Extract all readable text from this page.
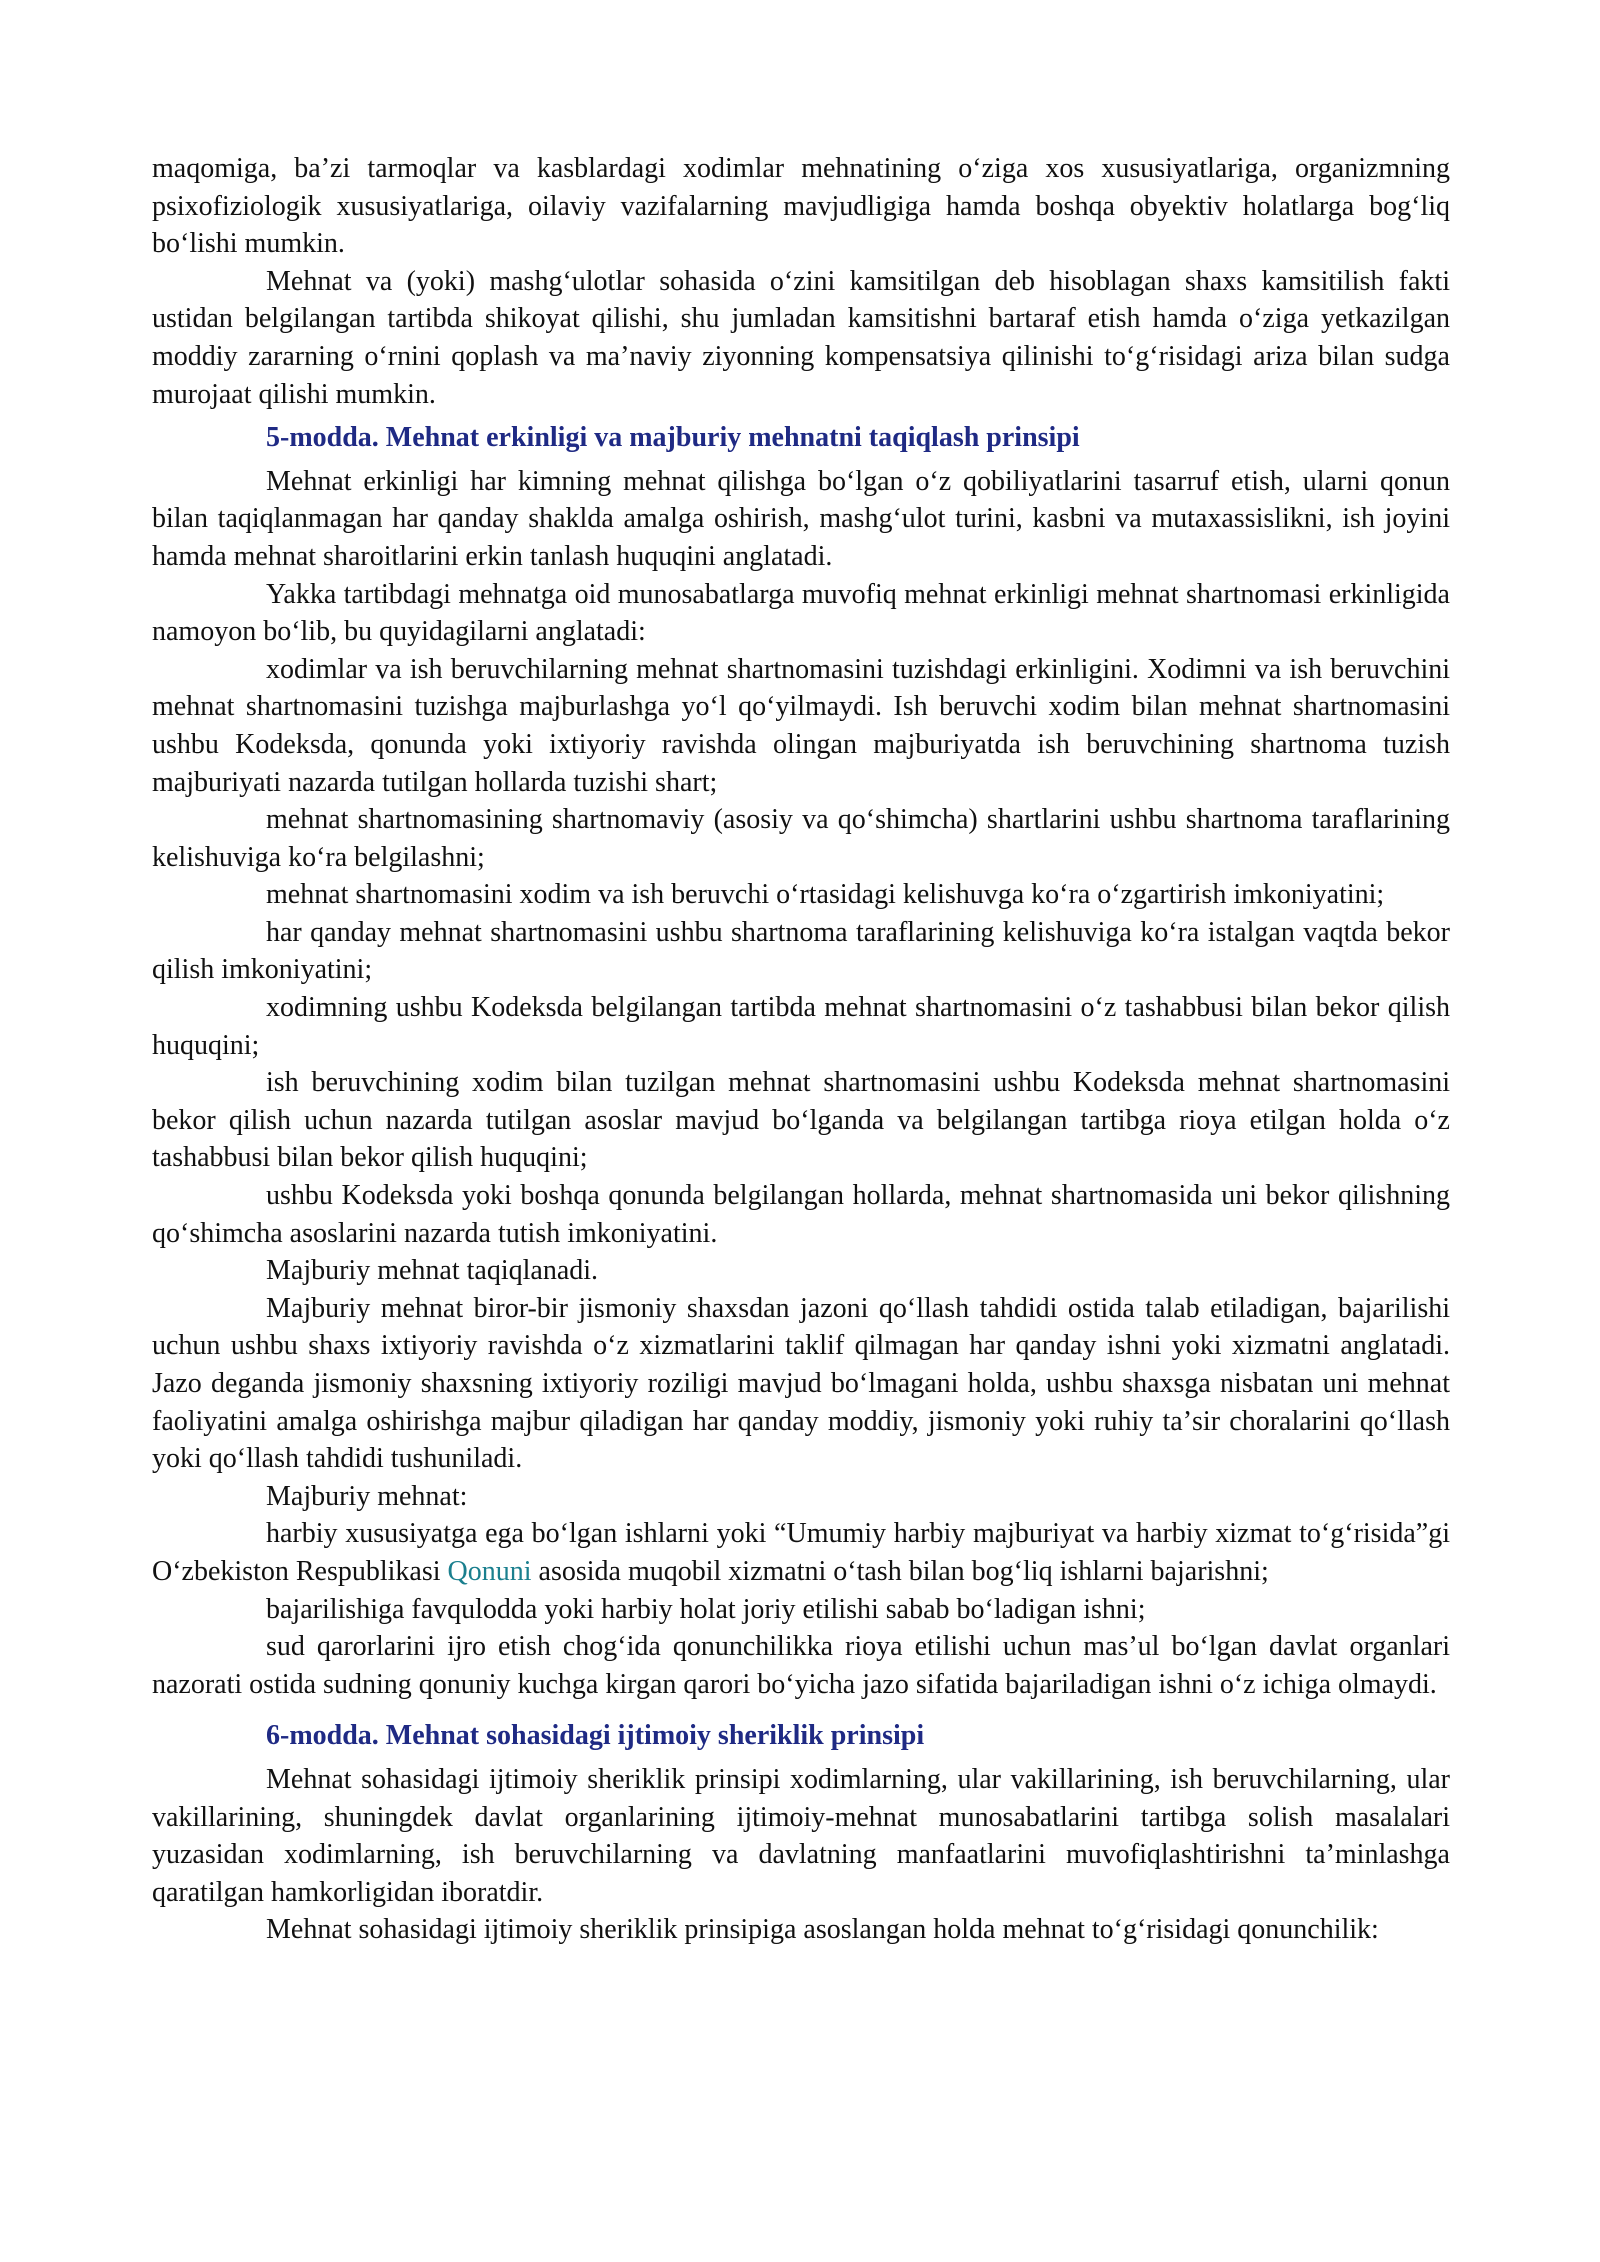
maqomiga, baʼzi tarmoqlar va kasblardagi xodimlar mehnatining oʻziga xos xususiyatlariga, organizmning psixofiziologik xususiyatlariga, oilaviy vazifalarning mavjudligiga hamda boshqa obyektiv holatlarga bogʻliq boʻlishi mumkin.

Mehnat va (yoki) mashgʻulotlar sohasida oʻzini kamsitilgan deb hisoblagan shaxs kamsitilish fakti ustidan belgilangan tartibda shikoyat qilishi, shu jumladan kamsitishni bartaraf etish hamda oʻziga yetkazilgan moddiy zararning oʻrnini qoplash va maʼnaviy ziyonning kompensatsiya qilinishi toʻgʻrisidagi ariza bilan sudga murojaat qilishi mumkin.

5-modda. Mehnat erkinligi va majburiy mehnatni taqiqlash prinsipi

Mehnat erkinligi har kimning mehnat qilishga boʻlgan oʻz qobiliyatlarini tasarruf etish, ularni qonun bilan taqiqlanmagan har qanday shaklda amalga oshirish, mashgʻulot turini, kasbni va mutaxassislikni, ish joyini hamda mehnat sharoitlarini erkin tanlash huquqini anglatadi.

Yakka tartibdagi mehnatga oid munosabatlarga muvofiq mehnat erkinligi mehnat shartnomasi erkinligida namoyon boʻlib, bu quyidagilarni anglatadi:

xodimlar va ish beruvchilarning mehnat shartnomasini tuzishdagi erkinligini. Xodimni va ish beruvchini mehnat shartnomasini tuzishga majburlashga yoʻl qoʻyilmaydi. Ish beruvchi xodim bilan mehnat shartnomasini ushbu Kodeksda, qonunda yoki ixtiyoriy ravishda olingan majburiyatda ish beruvchining shartnoma tuzish majburiyati nazarda tutilgan hollarda tuzishi shart;

mehnat shartnomasining shartnomaviy (asosiy va qoʻshimcha) shartlarini ushbu shartnoma taraflarining kelishuviga koʻra belgilashni;

mehnat shartnomasini xodim va ish beruvchi oʻrtasidagi kelishuvga koʻra oʻzgartirish imkoniyatini;

har qanday mehnat shartnomasini ushbu shartnoma taraflarining kelishuviga koʻra istalgan vaqtda bekor qilish imkoniyatini;

xodimning ushbu Kodeksda belgilangan tartibda mehnat shartnomasini oʻz tashabbusi bilan bekor qilish huquqini;

ish beruvchining xodim bilan tuzilgan mehnat shartnomasini ushbu Kodeksda mehnat shartnomasini bekor qilish uchun nazarda tutilgan asoslar mavjud boʻlganda va belgilangan tartibga rioya etilgan holda oʻz tashabbusi bilan bekor qilish huquqini;

ushbu Kodeksda yoki boshqa qonunda belgilangan hollarda, mehnat shartnomasida uni bekor qilishning qoʻshimcha asoslarini nazarda tutish imkoniyatini.

Majburiy mehnat taqiqlanadi.

Majburiy mehnat biror-bir jismoniy shaxsdan jazoni qoʻllash tahdidi ostida talab etiladigan, bajarilishi uchun ushbu shaxs ixtiyoriy ravishda oʻz xizmatlarini taklif qilmagan har qanday ishni yoki xizmatni anglatadi. Jazo deganda jismoniy shaxsning ixtiyoriy roziligi mavjud boʻlmagani holda, ushbu shaxsga nisbatan uni mehnat faoliyatini amalga oshirishga majbur qiladigan har qanday moddiy, jismoniy yoki ruhiy taʼsir choralarini qoʻllash yoki qoʻllash tahdidi tushuniladi.

Majburiy mehnat:

harbiy xususiyatga ega boʻlgan ishlarni yoki “Umumiy harbiy majburiyat va harbiy xizmat toʻgʻrisida”gi Oʻzbekiston Respublikasi Qonuni asosida muqobil xizmatni oʻtash bilan bogʻliq ishlarni bajarishni;

bajarilishiga favqulodda yoki harbiy holat joriy etilishi sabab boʻladigan ishni;

sud qarorlarini ijro etish chogʻida qonunchilikka rioya etilishi uchun masʼul boʻlgan davlat organlari nazorati ostida sudning qonuniy kuchga kirgan qarori boʻyicha jazo sifatida bajariladigan ishni oʻz ichiga olmaydi.

6-modda. Mehnat sohasidagi ijtimoiy sheriklik prinsipi

Mehnat sohasidagi ijtimoiy sheriklik prinsipi xodimlarning, ular vakillarining, ish beruvchilarning, ular vakillarining, shuningdek davlat organlarining ijtimoiy-mehnat munosabatlarini tartibga solish masalalari yuzasidan xodimlarning, ish beruvchilarning va davlatning manfaatlarini muvofiqlashtirishni taʼminlashga qaratilgan hamkorligidan iboratdir.

Mehnat sohasidagi ijtimoiy sheriklik prinsipiga asoslangan holda mehnat toʻgʻrisidagi qonunchilik:
